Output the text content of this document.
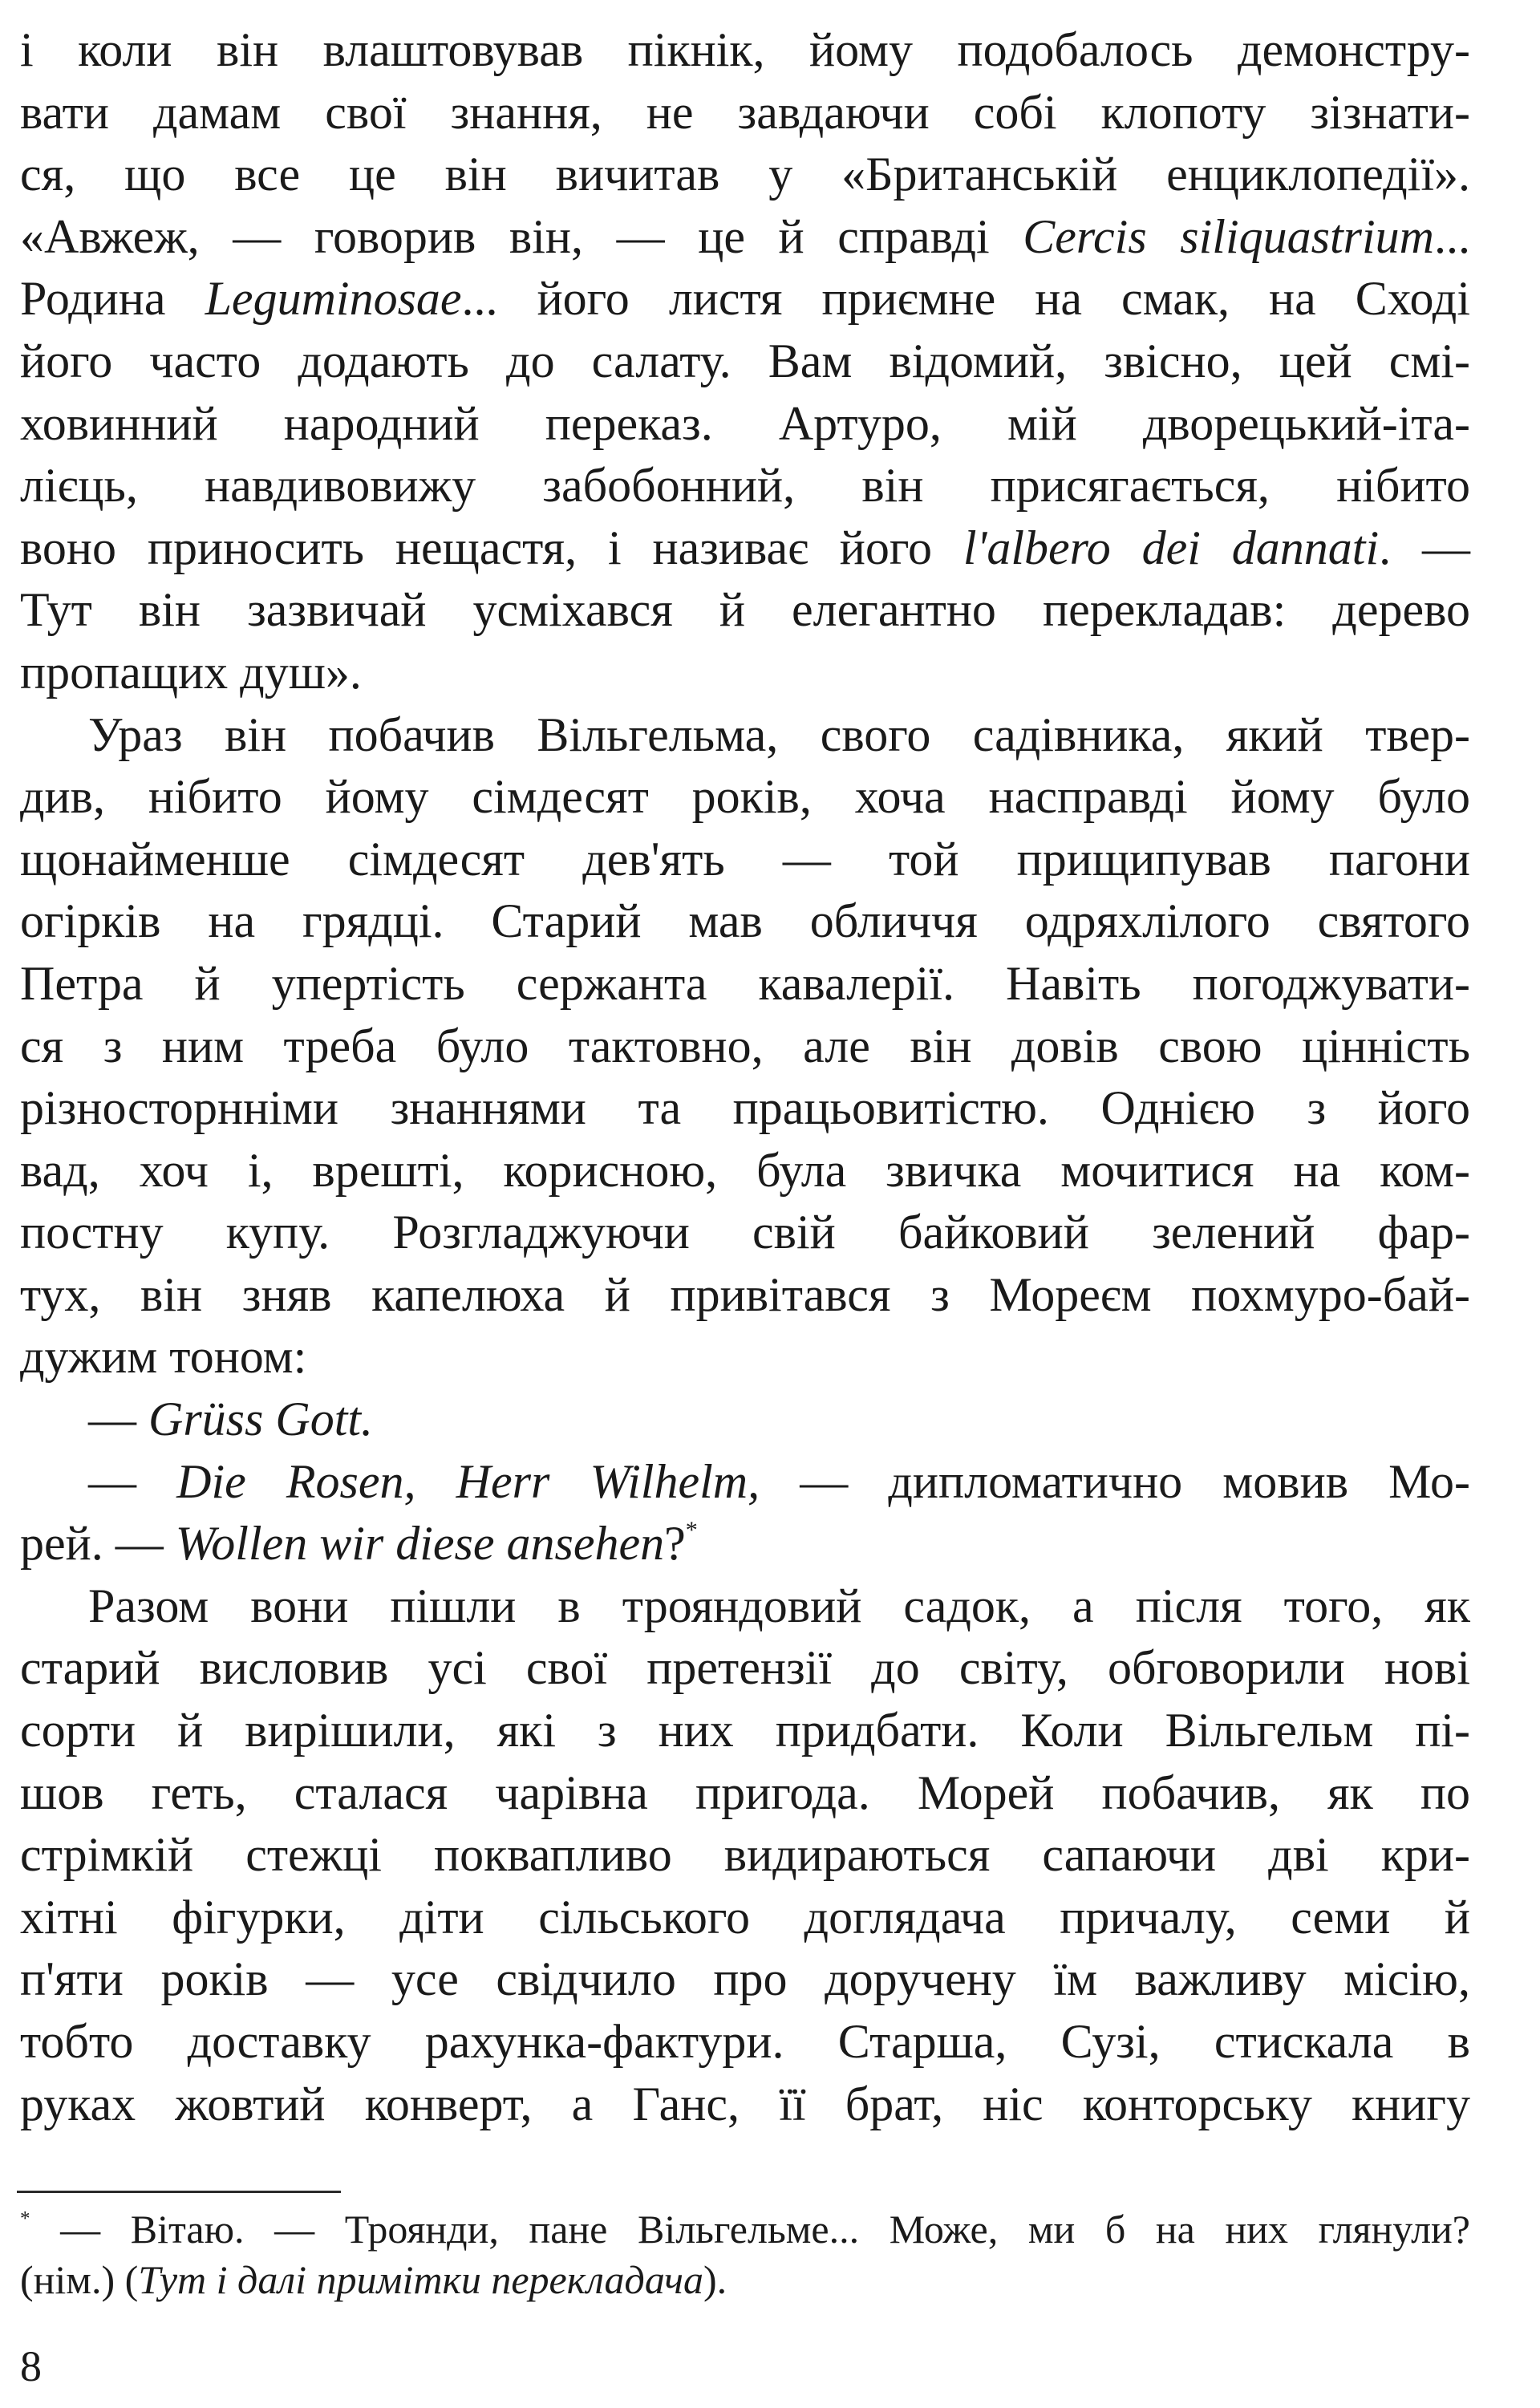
і коли він влаштовував пікнік, йому подобалось демонстру-
вати дамам свої знання, не завдаючи собі клопоту зізнати-
ся, що все це він вичитав у «Британській енциклопедії».
«Авжеж, — говорив він, — це й справді Cercis siliquastrium...
Родина Leguminosae... його листя приємне на смак, на Сході
його часто додають до салату. Вам відомий, звісно, цей смі-
ховинний народний переказ. Артуро, мій дворецький-іта-
лієць, навдивовижу забобонний, він присягається, нібито
воно приносить нещастя, і називає його l'albero dei dannati. —
Тут він зазвичай усміхався й елегантно перекладав: дерево
пропащих душ».
Ураз він побачив Вільгельма, свого садівника, який твер-
див, нібито йому сімдесят років, хоча насправді йому було
щонайменше сімдесят дев'ять — той прищипував пагони
огірків на грядці. Старий мав обличчя одряхлілого святого
Петра й упертість сержанта кавалерії. Навіть погоджувати-
ся з ним треба було тактовно, але він довів свою цінність
різносторнніми знаннями та працьовитістю. Однією з його
вад, хоч і, врешті, корисною, була звичка мочитися на ком-
постну купу. Розгладжуючи свій байковий зелений фар-
тух, він зняв капелюха й привітався з Мореєм похмуро-бай-
дужим тоном:
— Grüss Gott.
— Die Rosen, Herr Wilhelm, — дипломатично мовив Мо-
рей. — Wollen wir diese ansehen?*
Разом вони пішли в трояндовий садок, а після того, як
старий висловив усі свої претензії до світу, обговорили нові
сорти й вирішили, які з них придбати. Коли Вільгельм пі-
шов геть, сталася чарівна пригода. Морей побачив, як по
стрімкій стежці поквапливо видираються сапаючи дві кри-
хітні фігурки, діти сільського доглядача причалу, семи й
п'яти років — усе свідчило про доручену їм важливу місію,
тобто доставку рахунка-фактури. Старша, Сузі, стискала в
руках жовтий конверт, а Ганс, її брат, ніс конторську книгу
* — Вітаю. — Троянди, пане Вільгельме... Може, ми б на них глянули?
(нім.) (Тут і далі примітки перекладача).
8
